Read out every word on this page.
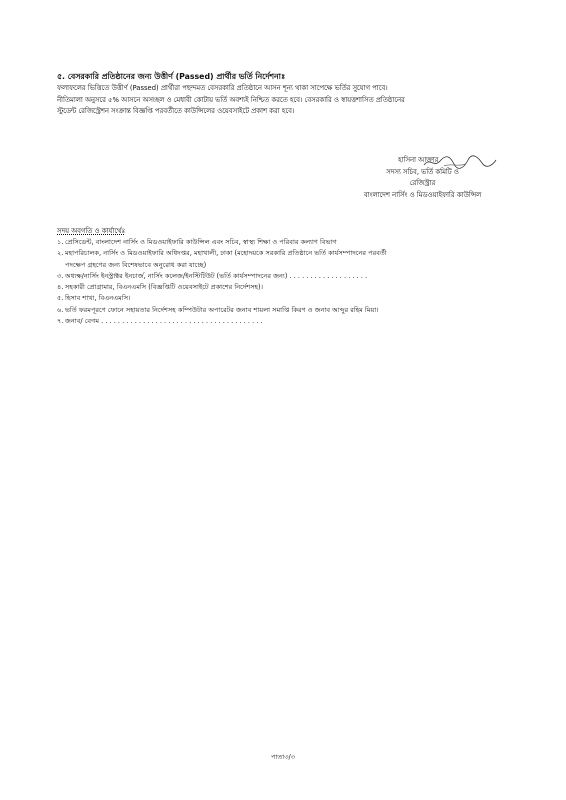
৫. বেসরকারি প্রতিষ্ঠানের জন্য উত্তীর্ণ (Passed) প্রার্থীর ভর্তি নির্দেশনাঃ
ফলাফলের ভিত্তিতে উত্তীর্ণ (Passed) প্রার্থীরা পছন্দমত বেসরকারি প্রতিষ্ঠানে আসন শূন্য থাকা সাপেক্ষে ভর্তির সুযোগ পাবে।
নীতিমালা অনুসরে ৫% আসনে অসচ্ছল ও মেধাবী কোটায় ভর্তি অবশ্যই নিশ্চিত করতে হবে। বেসরকারি ও স্বায়ত্তশাসিত প্রতিষ্ঠানের
স্টুডেন্ট রেজিস্ট্রেশন সংক্রান্ত বিজ্ঞপ্তি পরবর্তীতে কাউন্সিলের ওয়েবসাইটে প্রকাশ করা হবে।
হাসিনা আক্তার
সদস্য সচিব, ভর্তি কমিটি ও
রেজিস্ট্রার
বাংলাদেশ নার্সিং ও মিডওয়াইফারি কাউন্সিল
সদয় অবগতি ও কার্যার্থেঃ
১. প্রেসিডেন্ট, বাংলাদেশ নার্সিং ও মিডওয়াইফারি কাউন্সিল এবং সচিব, স্বাস্থ্য শিক্ষা ও পরিবার কল্যাণ বিভাগ
২. মহাপরিচালক, নার্সিং ও মিডওয়াইফারি অধিদপ্তর, মহাখালী, ঢাকা (মহোদয়কে সরকারি প্রতিষ্ঠানে ভর্তি কার্যসম্পাদনের পরবর্তী
পদক্ষেপ গ্রহণের জন্য বিশেষভাবে অনুরোধ করা যাচ্ছে)
৩. অধ্যক্ষ/নার্সিং ইনস্ট্রাক্টর ইনচার্জ, নার্সিং কলেজ/ইনস্টিটিউট (ভর্তি কার্যসম্পাদনের জন্য) . . . . . . . . . . . . . . . . . . .
৪. সহকারী প্রোগ্রামার, বিএনএমসি (বিজ্ঞপ্তিটি ওয়েবসাইটে প্রকাশের নির্দেশসহ)।
৫. হিসাব শাখা, বিএনএমসি।
৬. ভর্তি ফরমপূরণে ফোনে সহায়তার নির্দেশসহ কম্পিউটার অপারেটর জনাব শায়লা সমাপ্তি কিরণ ও জনাব আব্দুর রহিম মিয়া।
৭. জনাব/ বেগম . . . . . . . . . . . . . . . . . . . . . . . . . . . . . . . . . . . . . . .
পাতা৩/৩
